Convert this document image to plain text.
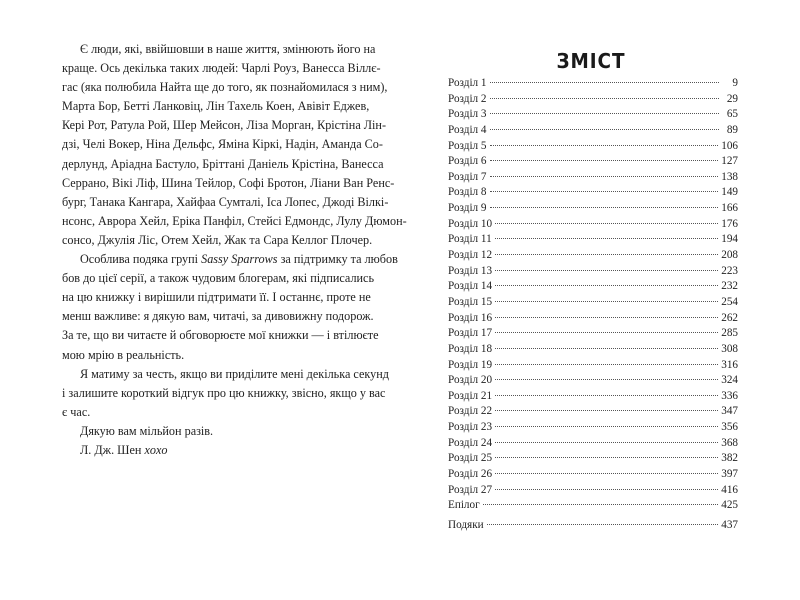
Є люди, які, ввійшовши в наше життя, змінюють його на
краще. Ось декілька таких людей: Чарлі Роуз, Ванесса Віллє-
гас (яка полюбила Найта ще до того, як познайомилася з ним),
Марта Бор, Бетті Ланковіц, Лін Тахель Коен, Авівіт Еджев,
Кері Рот, Ратула Рой, Шер Мейсон, Ліза Морган, Крістіна Лін-
дзі, Челі Вокер, Ніна Дельфс, Яміна Кіркі, Надін, Аманда Со-
дерлунд, Аріадна Бастуло, Бріттані Даніель Крістіна, Ванесса
Серрано, Вікі Ліф, Шина Тейлор, Софі Бротон, Ліани Ван Ренс-
бург, Танака Кангара, Хайфаа Сумталі, Іса Лопес, Джоді Вілкі-
нсонс, Аврора Хейл, Еріка Панфіл, Стейсі Едмондс, Лулу Дюмон-
сонсо, Джулія Ліс, Отем Хейл, Жак та Сара Келлог Плочер.
Особлива подяка групі Sassy Sparrows за підтримку та любов
бов до цієї серії, а також чудовим блогерам, які підписались
на цю книжку і вирішили підтримати її. І останнє, проте не
менш важливе: я дякую вам, читачі, за дивовижну подорож.
За те, що ви читаєте й обговорюєте мої книжки — і втілюєте
мою мрію в реальність.
Я матиму за честь, якщо ви приділите мені декілька секунд
і залишите короткий відгук про цю книжку, звісно, якщо у вас
є час.
Дякую вам мільйон разів.
Л. Дж. Шен xoxo
ЗМІСТ
Розділ 1	9
Розділ 2	29
Розділ 3	65
Розділ 4	89
Розділ 5	106
Розділ 6	127
Розділ 7	138
Розділ 8	149
Розділ 9	166
Розділ 10	176
Розділ 11	194
Розділ 12	208
Розділ 13	223
Розділ 14	232
Розділ 15	254
Розділ 16	262
Розділ 17	285
Розділ 18	308
Розділ 19	316
Розділ 20	324
Розділ 21	336
Розділ 22	347
Розділ 23	356
Розділ 24	368
Розділ 25	382
Розділ 26	397
Розділ 27	416
Епілог	425
Подяки	437
